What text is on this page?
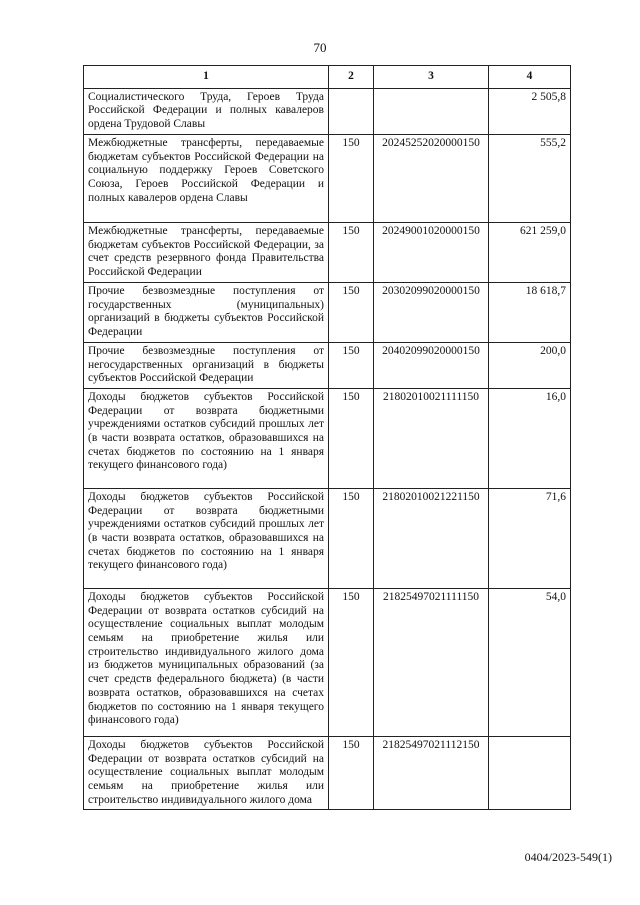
70
1	2	3	4
Социалистического Труда, Героев Труда Российской Федерации и полных кавалеров ордена Трудовой Славы			2 505,8
Межбюджетные трансферты, передаваемые бюджетам субъектов Российской Федерации на социальную поддержку Героев Советского Союза, Героев Российской Федерации и полных кавалеров ордена Славы	150	20245252020000150	555,2
Межбюджетные трансферты, передаваемые бюджетам субъектов Российской Федерации, за счет средств резервного фонда Правительства Российской Федерации	150	20249001020000150	621 259,0
Прочие безвозмездные поступления от государственных (муниципальных) организаций в бюджеты субъектов Российской Федерации	150	20302099020000150	18 618,7
Прочие безвозмездные поступления от негосударственных организаций в бюджеты субъектов Российской Федерации	150	20402099020000150	200,0
Доходы бюджетов субъектов Российской Федерации от возврата бюджетными учреждениями остатков субсидий прошлых лет (в части возврата остатков, образовавшихся на счетах бюджетов по состоянию на 1 января текущего финансового года)	150	21802010021111150	16,0
Доходы бюджетов субъектов Российской Федерации от возврата бюджетными учреждениями остатков субсидий прошлых лет (в части возврата остатков, образовавшихся на счетах бюджетов по состоянию на 1 января текущего финансового года)	150	21802010021221150	71,6
Доходы бюджетов субъектов Российской Федерации от возврата остатков субсидий на осуществление социальных выплат молодым семьям на приобретение жилья или строительство индивидуального жилого дома из бюджетов муниципальных образований (за счет средств федерального бюджета) (в части возврата остатков, образовавшихся на счетах бюджетов по состоянию на 1 января текущего финансового года)	150	21825497021111150	54,0
Доходы бюджетов субъектов Российской Федерации от возврата остатков субсидий на осуществление социальных выплат молодым семьям на приобретение жилья или строительство индивидуального жилого дома	150	21825497021112150	
0404/2023-549(1)
